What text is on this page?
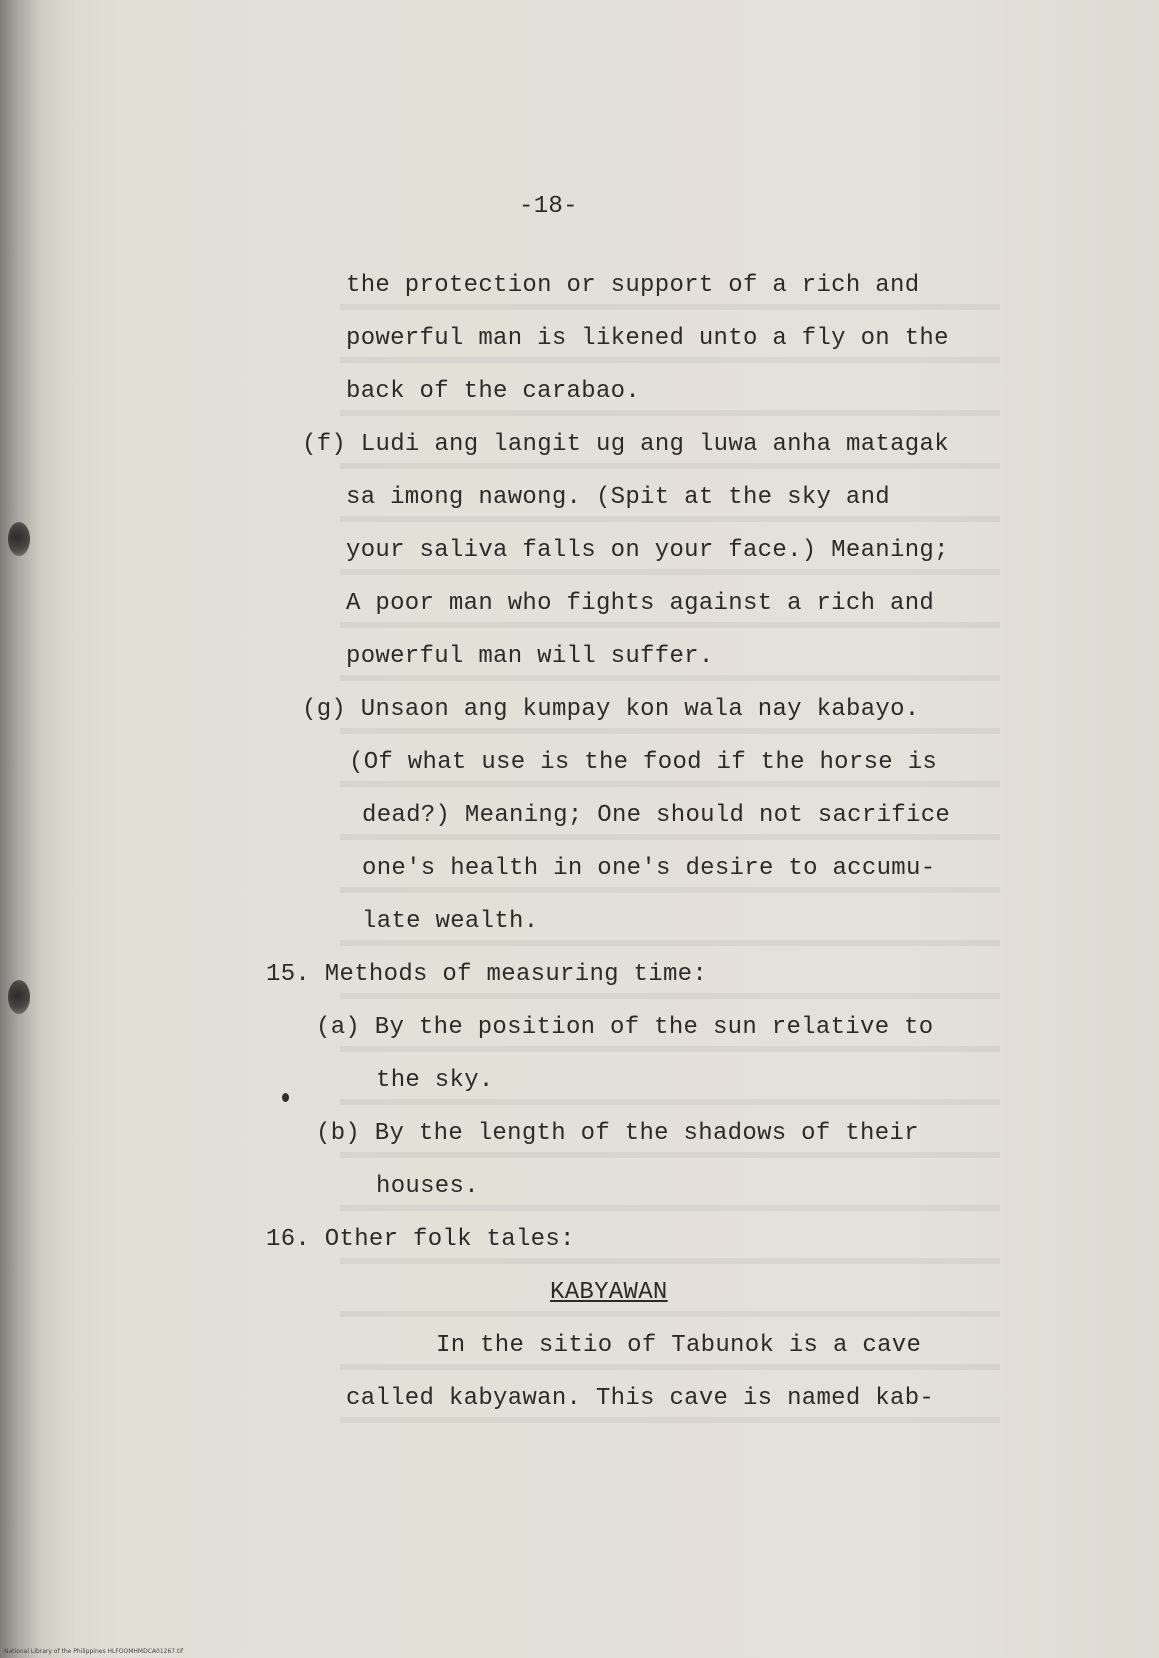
-18-
the protection or support of a rich and
powerful man is likened unto a fly on the
back of the carabao.
(f) Ludi ang langit ug ang luwa anha matagak
sa imong nawong. (Spit at the sky and
your saliva falls on your face.) Meaning;
A poor man who fights against a rich and
powerful man will suffer.
(g) Unsaon ang kumpay kon wala nay kabayo.
(Of what use is the food if the horse is
dead?) Meaning; One should not sacrifice
one's health in one's desire to accumu-
late wealth.
15. Methods of measuring time:
(a) By the position of the sun relative to
the sky.
(b) By the length of the shadows of their
houses.
16. Other folk tales:
KABYAWAN
In the sitio of Tabunok is a cave
called kabyawan. This cave is named kab-
National Library of the Philippines HLFOOMHMDCA01267.tif
